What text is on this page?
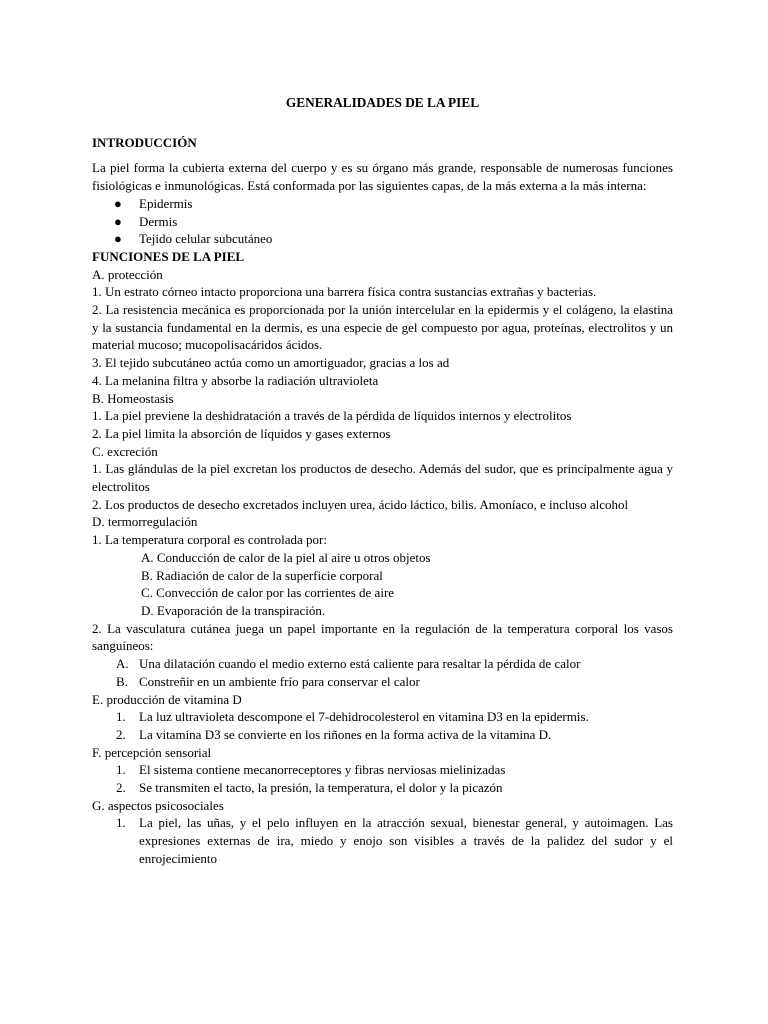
GENERALIDADES DE LA PIEL
INTRODUCCIÓN

La piel forma la cubierta externa del cuerpo y es su órgano más grande, responsable de numerosas funciones fisiológicas e inmunológicas. Está conformada por las siguientes capas, de la más externa a la más interna:

● Epidermis
● Dermis
● Tejido celular subcutáneo
FUNCIONES DE LA PIEL

A. protección

1. Un estrato córneo intacto proporciona una barrera física contra sustancias extrañas y bacterias.

2. La resistencia mecánica es proporcionada por la unión intercelular en la epidermis y el colágeno, la elastina y la sustancia fundamental en la dermis, es una especie de gel compuesto por agua, proteínas, electrolitos y un material mucoso; mucopolisacáridos ácidos.

3. El tejido subcutáneo actúa como un amortiguador, gracias a los ad

4. La melanina filtra y absorbe la radiación ultravioleta

B. Homeostasis

1. La piel previene la deshidratación a través de la pérdida de líquidos internos y electrolitos

2. La piel limita la absorción de líquidos y gases externos

C. excreción

1. Las glándulas de la piel excretan los productos de desecho. Además del sudor, que es principalmente agua y electrolitos

2. Los productos de desecho excretados incluyen urea, ácido láctico, bilis. Amoníaco, e incluso alcohol

D. termorregulación

1. La temperatura corporal es controlada por:

A. Conducción de calor de la piel al aire u otros objetos

B. Radiación de calor de la superficie corporal

C. Convección de calor por las corrientes de aire

D. Evaporación de la transpiración.

2. La vasculatura cutánea juega un papel importante en la regulación de la temperatura corporal los vasos sanguíneos:

A. Una dilatación cuando el medio externo está caliente para resaltar la pérdida de calor
B. Constreñir en un ambiente frío para conservar el calor

E. producción de vitamina D

1. La luz ultravioleta descompone el 7-dehidrocolesterol en vitamina D3 en la epidermis.
2. La vitamina D3 se convierte en los riñones en la forma activa de la vitamina D.

F. percepción sensorial

1. El sistema contiene mecanorreceptores y fibras nerviosas mielinizadas
2. Se transmiten el tacto, la presión, la temperatura, el dolor y la picazón

G. aspectos psicosociales

1. La piel, las uñas, y el pelo influyen en la atracción sexual, bienestar general, y autoimagen. Las expresiones externas de ira, miedo y enojo son visibles a través de la palidez del sudor y el enrojecimiento
